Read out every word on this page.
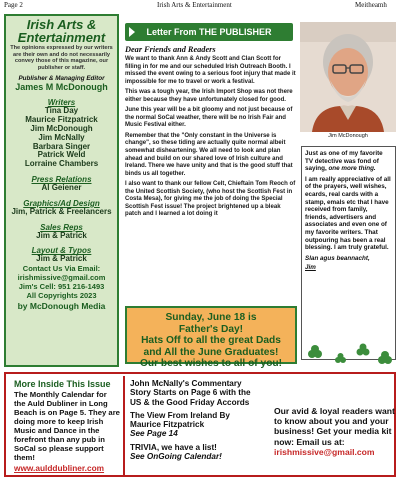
Page 2	Irish Arts & Entertainment	Meitheamh
Irish Arts &
Entertainment
The opinions expressed by our writers are their own and do not necessarily convey those of this magazine, our publisher or staff.
Publisher & Managing Editor
James M McDonough
Writers
Tina Day
Maurice Fitzpatrick
Jim McDonough
Jim McNally
Barbara Singer
Patrick Weld
Lorraine Chambers
Press Relations
Al Geiener
Graphics/Ad Design
Jim, Patrick & Freelancers
Sales Reps
Jim & Patrick
Layout & Typos
Jim & Patrick
Contact Us Via Email:
irishmissive@gmail.com
Jim's Cell: 951 216-1493
All Copyrights 2023
by McDonough Media
Letter From THE PUBLISHER
Dear Friends and Readers

We want to thank Ann & Andy Scott and Clan Scott for filling in for me and our scheduled Irish Outreach Booth. I missed the event owing to a serious foot injury that made it impossible for me to travel or work a festival.

This was a tough year, the Irish Import Shop was not there either because they have unfortunately closed for good.

June this year will be a bit gloomy and not just because of the normal SoCal weather, there will be no Irish Fair and Music Festival either.

Remember that the "Only constant in the Universe is change", so these tiding are actually quite normal albeit somewhat disheartening. We all need to look and plan ahead and build on our shared love of Irish culture and Ireland. There we have unity and that is the good stuff that binds us all together.

I also want to thank our fellow Celt, Chieftain Tom Reoch of the United Scottish Society, (who host the Scottish Fest in Costa Mesa), for giving me the job of doing the Special Scottish Fest issue! The project brightened up a bleak patch and I learned a lot doing it

Jim McDonough
Just as one of my favorite TV detective was fond of saying, one more thing.
I am really appreciative of all of the prayers, well wishes, ecards, real cards with a stamp, emals etc that I have received from family, friends, advertisers and associates and even one of my favorite writers. That outpouring has been a real blessing. I am truly grateful.
Slan agus beannacht,
Jim
Sunday, June 18 is
Father's Day!
Hats Off to all the great Dads
and All the June Graduates!
Our best wishes to all of you!
More Inside This Issue
The Monthly Calendar for the Auld Dubliner in Long Beach is on Page 5. They are doing more to keep Irish Music and Dance in the forefront than any pub in SoCal so please support them!
www.aulddubliner.com
John McNally's Commentary Story Starts on Page 6 with the US & the Good Friday Accords
The View From Ireland By Maurice Fitzpatrick
See Page 14
TRIVIA, we have a list!
See OnGoing Calendar!
Our avid & loyal readers want to know about you and your business! Get your media kit now: Email us at:
irishmissive@gmail.com
